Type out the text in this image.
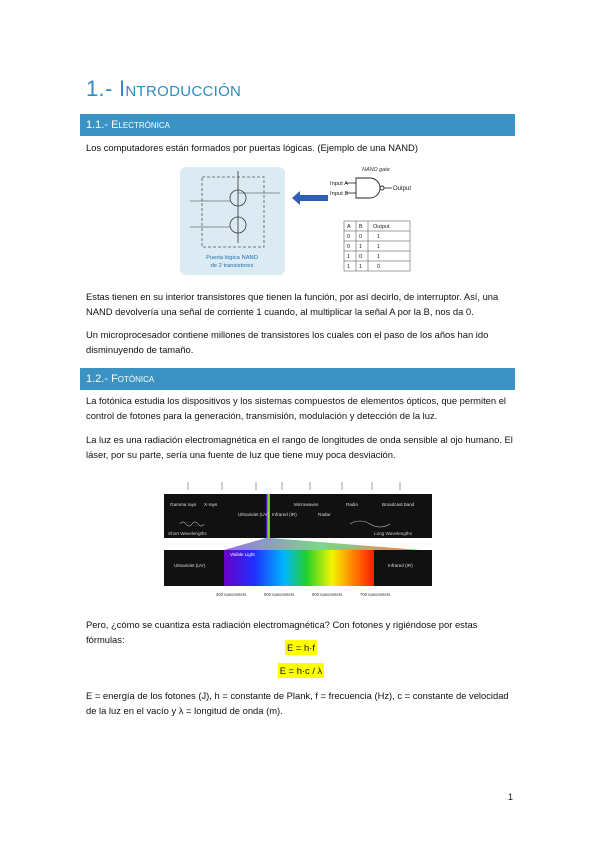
1.- Introducción
1.1.- Electrónica
Los computadores están formados por puertas lógicas. (Ejemplo de una NAND)
Puerta lógica NAND
de 2 transistores
NAND gate
Input A
Input B
Output
A B Output
0 0	1
0 1	1
1 0	1
1 1	0
Estas tienen en su interior transistores que tienen la función, por así decirlo, de interruptor. Así, una NAND devolvería una señal de corriente 1 cuando, al multiplicar la señal A por la B, nos da 0.
Un microprocesador contiene millones de transistores los cuales con el paso de los años han ido disminuyendo de tamaño.
1.2.- Fotónica
La fotónica estudia los dispositivos y los sistemas compuestos de elementos ópticos, que permiten el control de fotones para la generación, transmisión, modulación y detección de la luz.
La luz es una radiación electromagnética en el rango de longitudes de onda sensible al ojo humano. El láser, por su parte, sería una fuente de luz que tiene muy poca desviación.
Gamma rays X-rays
Ultraviolet (UV) Infrared (IR)
Microwaves
Radar
Radio	Broadcast band
Short Wavelengths	Long Wavelengths
Visible Light
Ultraviolet (UV)	Infrared (IR)
400 nanometers	500 nanometers	600 nanometers	700 nanometers
Pero, ¿cómo se cuantiza esta radiación electromagnética? Con fotones y rigiéndose por estas fórmulas:
E = h·f
E = h·c / λ
E = energía de los fotones (J), h = constante de Plank, f = frecuencia (Hz), c = constante de velocidad de la luz en el vacío y λ = longitud de onda (m).
1
